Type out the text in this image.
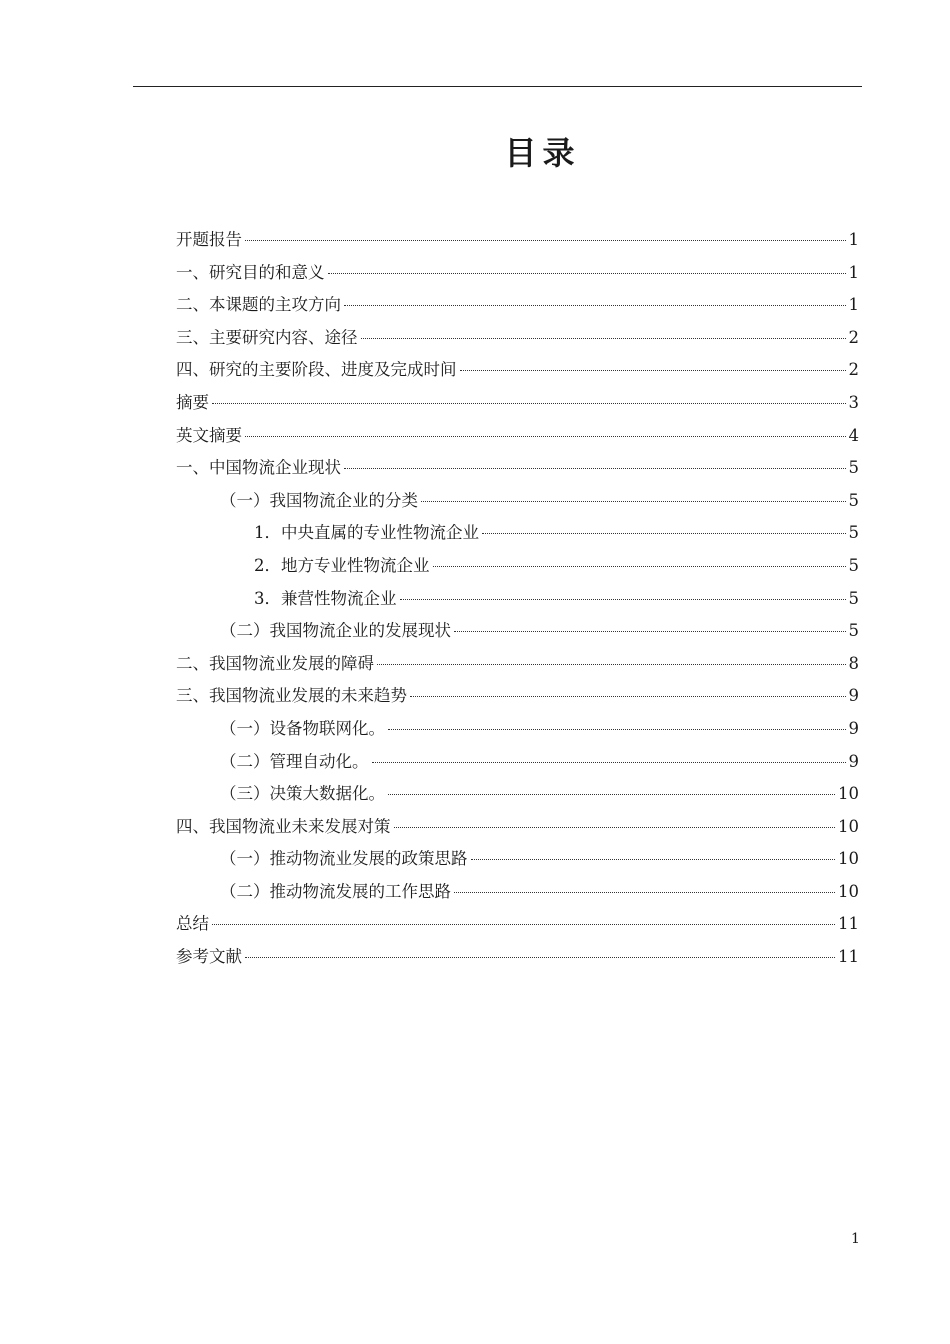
目录
开题报告	1
一、研究目的和意义	1
二、本课题的主攻方向	1
三、主要研究内容、途径	2
四、研究的主要阶段、进度及完成时间	2
摘要	3
英文摘要	4
一、中国物流企业现状	5
（一）我国物流企业的分类	5
1．中央直属的专业性物流企业	5
2．地方专业性物流企业	5
3．兼营性物流企业	5
（二）我国物流企业的发展现状	5
二、我国物流业发展的障碍	8
三、我国物流业发展的未来趋势	9
（一）设备物联网化。	9
（二）管理自动化。	9
（三）决策大数据化。	10
四、我国物流业未来发展对策	10
（一）推动物流业发展的政策思路	10
（二）推动物流发展的工作思路	10
总结	11
参考文献	11
1
